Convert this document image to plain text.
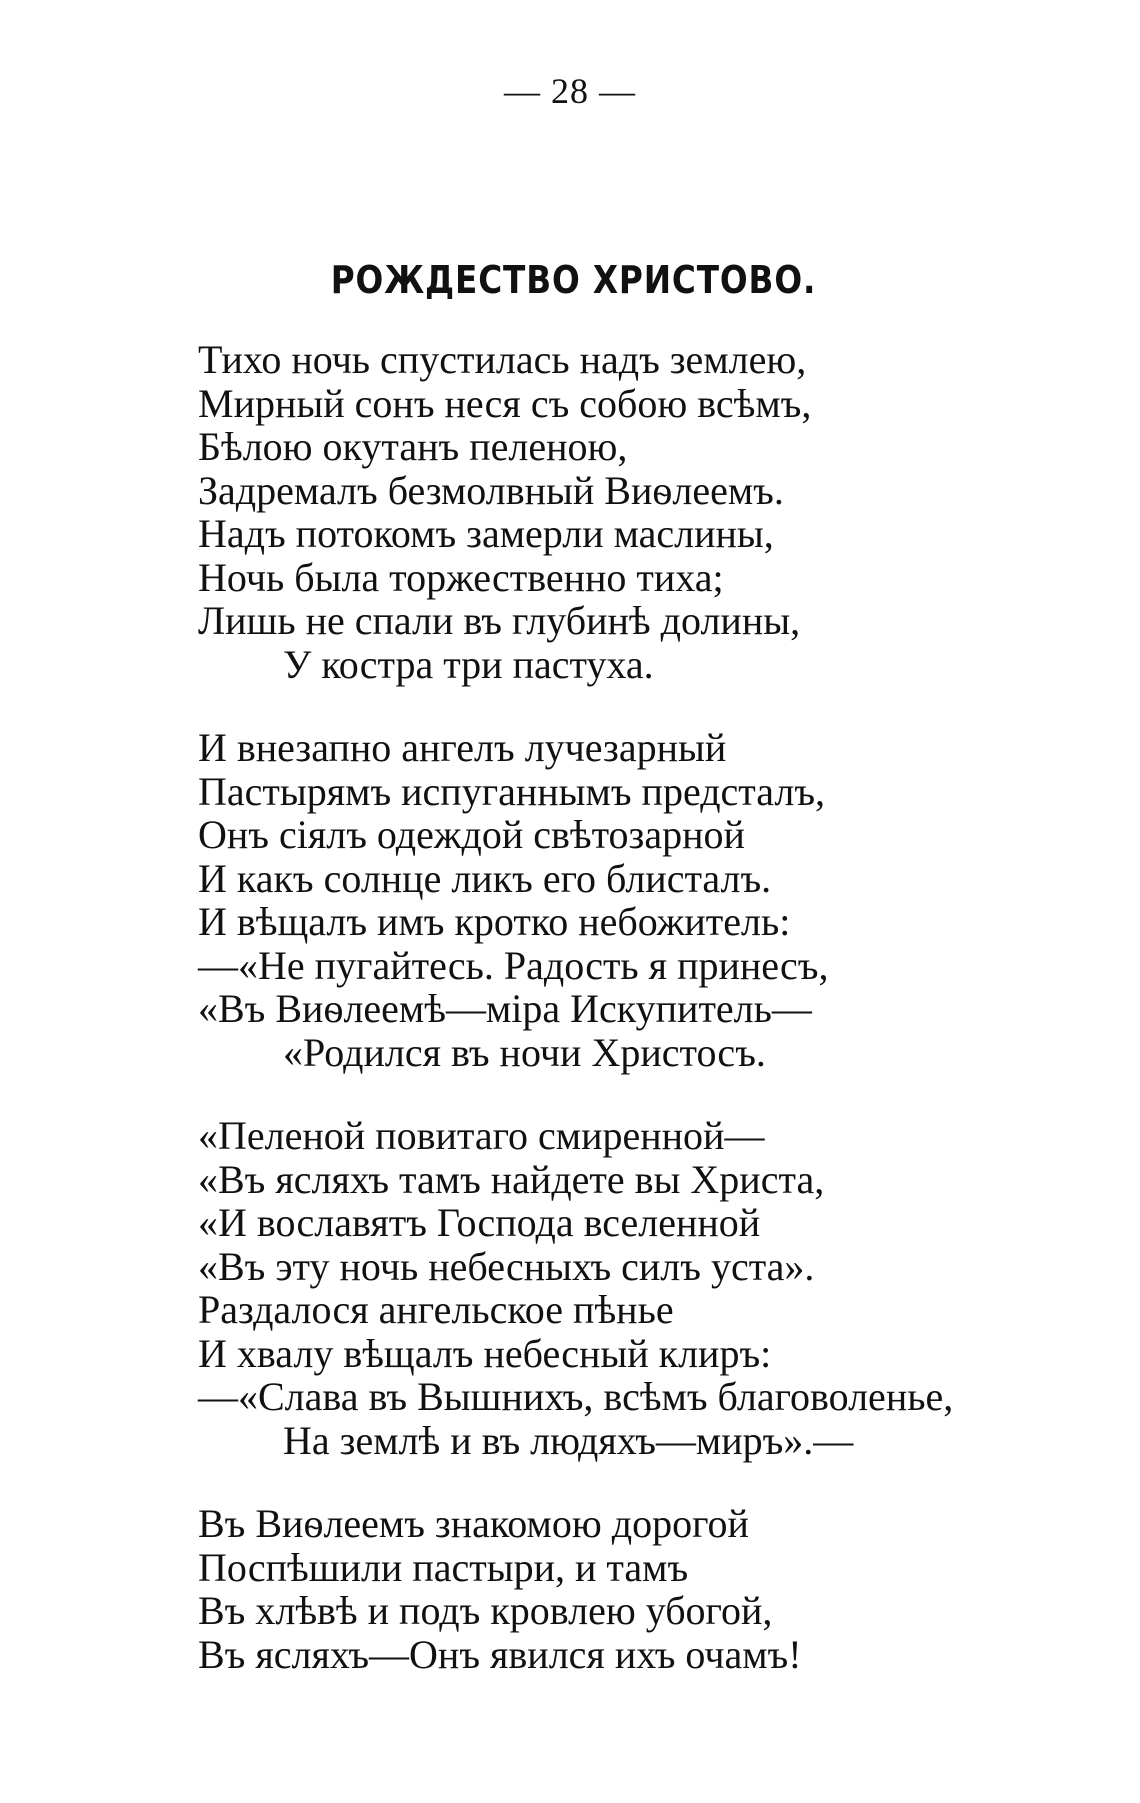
— 28 —
РОЖДЕСТВО ХРИСТОВО.
Тихо ночь спустилась надъ землею,
Мирный сонъ неся съ собою всѣмъ,
Бѣлою окутанъ пеленою,
Задремалъ безмолвный Виѳлеемъ.
Надъ потокомъ замерли маслины,
Ночь была торжественно тиха;
Лишь не спали въ глубинѣ долины,
У костра три пастуха.
И внезапно ангелъ лучезарный
Пастырямъ испуганнымъ предсталъ,
Онъ сіялъ одеждой свѣтозарной
И какъ солнце ликъ его блисталъ.
И вѣщалъ имъ кротко небожитель:
—«Не пугайтесь. Радость я принесъ,
«Въ Виѳлеемѣ—міра Искупитель—
«Родился въ ночи Христосъ.
«Пеленой повитаго смиренной—
«Въ ясляхъ тамъ найдете вы Христа,
«И вославятъ Господа вселенной
«Въ эту ночь небесныхъ силъ уста».
Раздалося ангельское пѣнье
И хвалу вѣщалъ небесный клиръ:
—«Слава въ Вышнихъ, всѣмъ благоволенье,
На землѣ и въ людяхъ—миръ».—
Въ Виѳлеемъ знакомою дорогой
Поспѣшили пастыри, и тамъ
Въ хлѣвѣ и подъ кровлею убогой,
Въ ясляхъ—Онъ явился ихъ очамъ!
